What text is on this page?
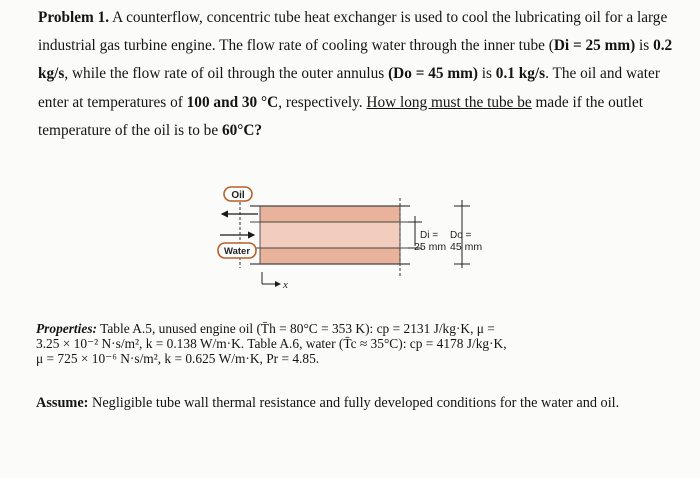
Problem 1. A counterflow, concentric tube heat exchanger is used to cool the lubricating oil for a large industrial gas turbine engine. The flow rate of cooling water through the inner tube (Di = 25 mm) is 0.2 kg/s, while the flow rate of oil through the outer annulus (Do = 45 mm) is 0.1 kg/s. The oil and water enter at temperatures of 100 and 30 °C, respectively. How long must the tube be made if the outlet temperature of the oil is to be 60°C?
Oil
Water
Di =
25 mm
Do =
45 mm
x
Properties: Table A.5, unused engine oil (T̄h = 80°C = 353 K): cp = 2131 J/kg·K, μ =
3.25 × 10⁻² N·s/m², k = 0.138 W/m·K. Table A.6, water (T̄c ≈ 35°C): cp = 4178 J/kg·K,
μ = 725 × 10⁻⁶ N·s/m², k = 0.625 W/m·K, Pr = 4.85.
Assume: Negligible tube wall thermal resistance and fully developed conditions for the water and oil.
